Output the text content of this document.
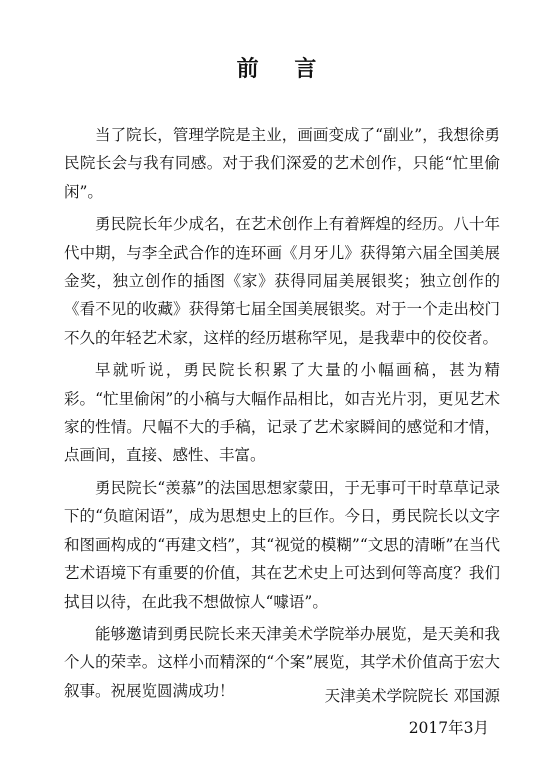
前 言

当了院长，管理学院是主业，画画变成了“副业”，我想徐勇民院长会与我有同感。对于我们深爱的艺术创作，只能“忙里偷闲”。

勇民院长年少成名，在艺术创作上有着辉煌的经历。八十年代中期，与李全武合作的连环画《月牙儿》获得第六届全国美展金奖，独立创作的插图《家》获得同届美展银奖；独立创作的《看不见的收藏》获得第七届全国美展银奖。对于一个走出校门不久的年轻艺术家，这样的经历堪称罕见，是我辈中的佼佼者。

早就听说，勇民院长积累了大量的小幅画稿，甚为精彩。“忙里偷闲”的小稿与大幅作品相比，如吉光片羽，更见艺术家的性情。尺幅不大的手稿，记录了艺术家瞬间的感觉和才情，点画间，直接、感性、丰富。

勇民院长“羡慕”的法国思想家蒙田，于无事可干时草草记录下的“负暄闲语”，成为思想史上的巨作。今日，勇民院长以文字和图画构成的“再建文档”，其“视觉的模糊”“文思的清晰”在当代艺术语境下有重要的价值，其在艺术史上可达到何等高度？我们拭目以待，在此我不想做惊人“噱语”。

能够邀请到勇民院长来天津美术学院举办展览，是天美和我个人的荣幸。这样小而精深的“个案”展览，其学术价值高于宏大叙事。祝展览圆满成功！	天津美术学院院长 邓国源
2017年3月
